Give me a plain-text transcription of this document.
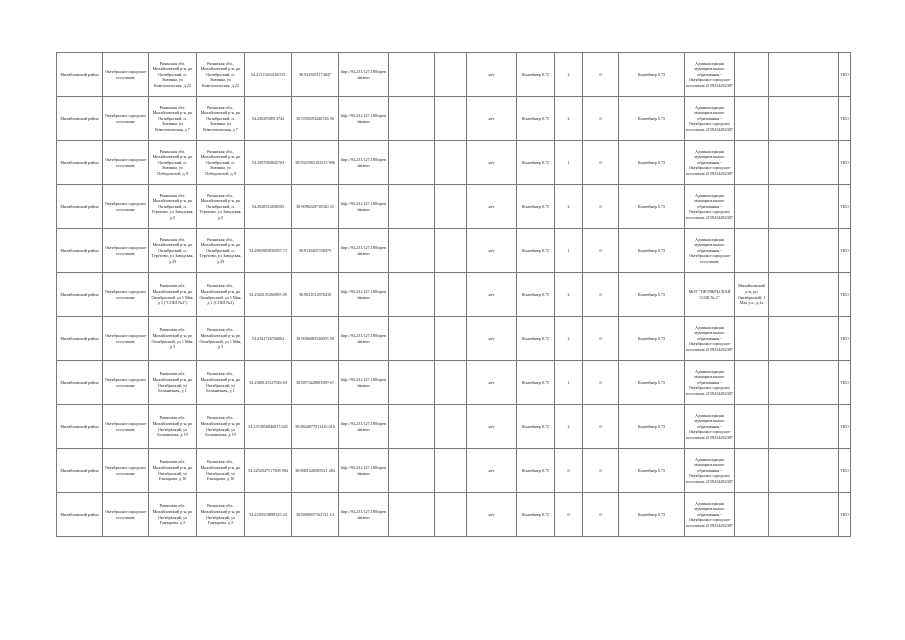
Михайловский район	Октябрьское городское поселение	Рязанская обл. Михайловский р-н, рп Октябрьский, п. Змеинка, ул Комсомольская, д 22	Рязанская обл., Михайловский р-н, рп Октябрьский, п. Змеинка, ул Комсомольская, д 22	54.21313264160155	38.9329451174047	http://94.231.127.180/opendatamo			нет	Контейнер 0.75	2	0	Контейнер 0.75	Администрация муниципального образования - Октябрьское городское поселение 2159234282387			ТКО
Михайловский район	Октябрьское городское поселение	Рязанская обл. Михайловский р-н, рп Октябрьский, п. Змеинка, ул Комсомольская, д 7	Рязанская обл., Михайловский р-н, рп Октябрьский, п. Змеинка, ул Комсомольская, д 7	54.2302938913742	38.9359293446726 56	http://94.231.127.180/opendatamo			нет	Контейнер 0.75	2	0	Контейнер 0.75	Администрация муниципального образования - Октябрьское городское поселение 2159234282387			ТКО
Михайловский район	Октябрьское городское поселение	Рязанская обл. Михайловский р-н, рп Октябрьский, п. Змеинка, ул Победителей, д 9	Рязанская обл., Михайловский р-н, рп Октябрьский, п. Змеинка, ул Победителей, д 9	54.2307080845703	38.9325903102315 906	http://94.231.127.180/opendatamo			нет	Контейнер 0.75	1	0	Контейнер 0.75	Администрация муниципального образования - Октябрьское городское поселение 2159234282387			ТКО
Михайловский район	Октябрьское городское поселение	Рязанская обл. Михайловский р-н, рп Октябрьский, п. Терехово, ул Заводская, д 2	Рязанская обл., Михайловский р-н, рп Октябрьский, п. Терехово, ул Заводская, д 2	54.2028312638105	38.9096220710540 45	http://94.231.127.180/opendatamo			нет	Контейнер 0.75	2	0	Контейнер 0.75	Администрация муниципального образования - Октябрьское городское поселение 2159234282387			ТКО
Михайловский район	Октябрьское городское поселение	Рязанская обл. Михайловский р-н, рп Октябрьский, п. Терехово, ул Заводская, д 29	Рязанская обл., Михайловский р-н, рп Октябрьский, п. Терехово, ул Заводская, д 29	54.2063903056593 73	38.9120487338475	http://94.231.127.180/opendatamo			нет	Контейнер 0.75	1	0	Контейнер 0.75	Администрация муниципального образования - Октябрьское городское поселение			ТКО
Михайловский район	Октябрьское городское поселение	Рязанская обл. Михайловский р-н, рп Октябрьский, ул 1 Мая, д 1 ("СОШ №2")	Рязанская обл., Михайловский р-н, рп Октябрьский, ул 1 Мая, д 1 (СОШ №2)	54.2343135260895 09	38.9021012976418	http://94.231.127.180/opendatamo			нет	Контейнер 0.75	2	0	Контейнер 0.75	МОУ "ОКТЯБРЬСКАЯ СОШ № 2"	Михайловский р-н, рп Октябрьский, 1 Мая у.л., д.1а		ТКО
Михайловский район	Октябрьское городское поселение	Рязанская обл. Михайловский р-н, рп Октябрьский, ул 1 Мая, д 5	Рязанская обл., Михайловский р-н, рп Октябрьский, ул 1 Мая, д 5	54.2341726766862	38.9006083526095 58	http://94.231.127.180/opendatamo			нет	Контейнер 0.75	2	0	Контейнер 0.75	Администрация муниципального образования - Октябрьское городское поселение 2159234282387			ТКО
Михайловский район	Октябрьское городское поселение	Рязанская обл. Михайловский р-н, рп Октябрьский, ул Больничная, д 1	Рязанская обл., Михайловский р-н, рп Октябрьский, ул Больничная, д 1	54.2369141527926 69	38.8873420003589 67	http://94.231.127.180/opendatamo			нет	Контейнер 0.75	1	0	Контейнер 0.75	Администрация муниципального образования - Октябрьское городское поселение 2159234282387			ТКО
Михайловский район	Октябрьское городское поселение	Рязанская обл. Михайловский р-н, рп Октябрьский, ул Больничная, д 19	Рязанская обл., Михайловский р-н, рп Октябрьский, ул Больничная, д 19	54.2374956846815 625	38.8844077911416 016	http://94.231.127.180/opendatamo			нет	Контейнер 0.75	2	0	Контейнер 0.75	Администрация муниципального образования - Октябрьское городское поселение 2159234282387			ТКО
Михайловский район	Октябрьское городское поселение	Рязанская обл. Михайловский р-н, рп Октябрьский, ул Гончарова, д 10	Рязанская обл., Михайловский р-н, рп Октябрьский, ул Гончарова, д 10	54.2252047517368 984	38.8881626585521 484	http://94.231.127.180/opendatamo			нет	Контейнер 0.75	0	0	Контейнер 0.75	Администрация муниципального образования - Октябрьское городское поселение 2159234282387			ТКО
Михайловский район	Октябрьское городское поселение	Рязанская обл. Михайловский р-н, рп Октябрьский, ул Гончарова, д 5	Рязанская обл., Михайловский р-н, рп Октябрьский, ул Гончарова, д 5	54.2250310898325 24	38.8898937162741 14	http://94.231.127.180/opendatamo			нет	Контейнер 0.75	0	0	Контейнер 0.75	Администрация муниципального образования - Октябрьское городское поселение 2159234282387			ТКО
